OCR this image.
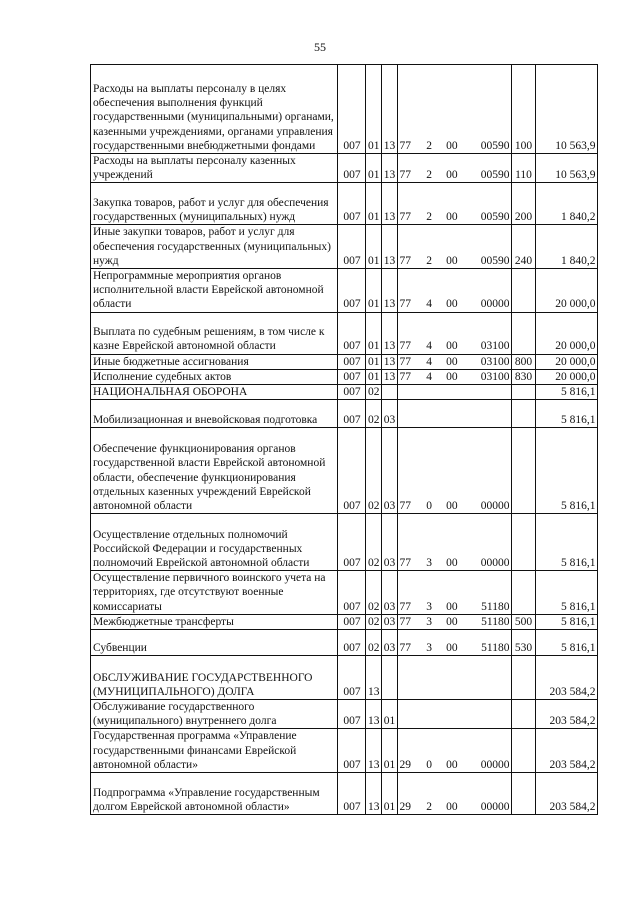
55
Расходы на выплаты персоналу в целях обеспечения выполнения функций государственными (муниципальными) органами, казенными учреждениями, органами управления государственными внебюджетными фондами	007	01	13	77 2 00 00590	100	10 563,9
Расходы на выплаты персоналу казенных учреждений	007	01	13	77 2 00 00590	110	10 563,9
Закупка товаров, работ и услуг для обеспечения государственных (муниципальных) нужд	007	01	13	77 2 00 00590	200	1 840,2
Иные закупки товаров, работ и услуг для обеспечения государственных (муниципальных) нужд	007	01	13	77 2 00 00590	240	1 840,2
Непрограммные мероприятия органов исполнительной власти Еврейской автономной области	007	01	13	77 4 00 00000		20 000,0
Выплата по судебным решениям, в том числе к казне Еврейской автономной области	007	01	13	77 4 00 03100		20 000,0
Иные бюджетные ассигнования	007	01	13	77 4 00 03100	800	20 000,0
Исполнение судебных актов	007	01	13	77 4 00 03100	830	20 000,0
НАЦИОНАЛЬНАЯ ОБОРОНА	007	02				5 816,1
Мобилизационная и вневойсковая подготовка	007	02	03			5 816,1
Обеспечение функционирования органов государственной власти Еврейской автономной области, обеспечение функционирования отдельных казенных учреждений Еврейской автономной области	007	02	03	77 0 00 00000		5 816,1
Осуществление отдельных полномочий Российской Федерации и государственных полномочий Еврейской автономной области	007	02	03	77 3 00 00000		5 816,1
Осуществление первичного воинского учета на территориях, где отсутствуют военные комиссариаты	007	02	03	77 3 00 51180		5 816,1
Межбюджетные трансферты	007	02	03	77 3 00 51180	500	5 816,1
Субвенции	007	02	03	77 3 00 51180	530	5 816,1
ОБСЛУЖИВАНИЕ ГОСУДАРСТВЕННОГО (МУНИЦИПАЛЬНОГО) ДОЛГА	007	13				203 584,2
Обслуживание государственного (муниципального) внутреннего долга	007	13	01			203 584,2
Государственная программа «Управление государственными финансами Еврейской автономной области»	007	13	01	29 0 00 00000		203 584,2
Подпрограмма «Управление государственным долгом Еврейской автономной области»	007	13	01	29 2 00 00000		203 584,2
